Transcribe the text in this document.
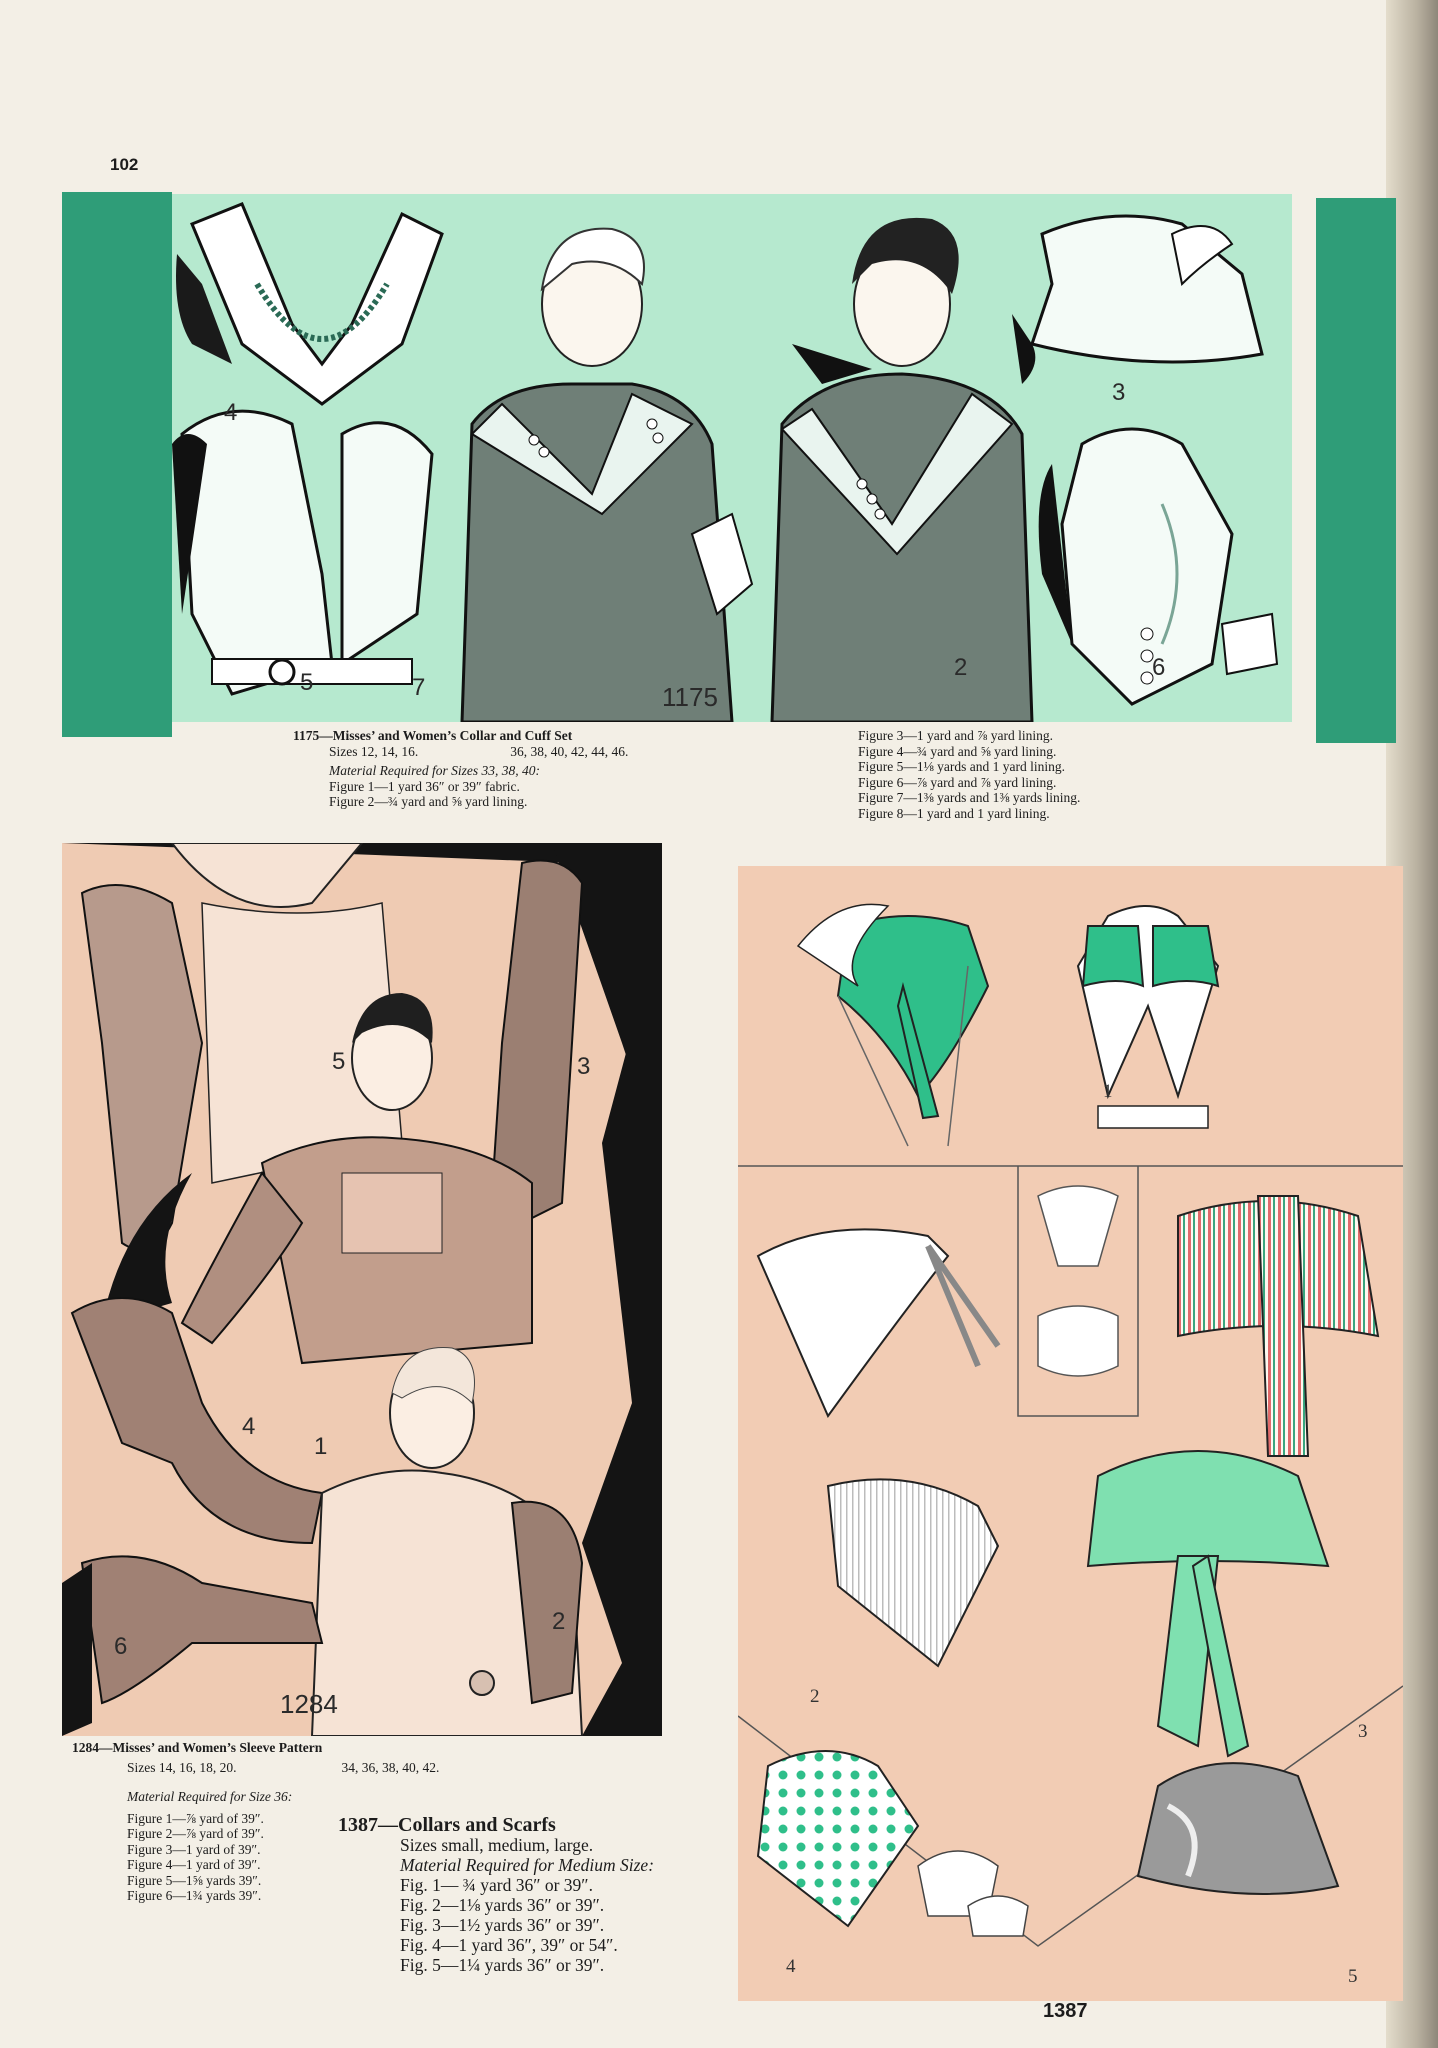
102
4
5	7
2
3
6
1175
1175—Misses’ and Women’s Collar and Cuff Set
Sizes 12, 14, 16.	36, 38, 40, 42, 44, 46.
Material Required for Sizes 33, 38, 40:
Figure 1—1 yard 36″ or 39″ fabric.
Figure 2—¾ yard and ⅝ yard lining.
Figure 3—1 yard and ⅞ yard lining.
Figure 4—¾ yard and ⅝ yard lining.
Figure 5—1⅛ yards and 1 yard lining.
Figure 6—⅞ yard and ⅞ yard lining.
Figure 7—1⅜ yards and 1⅜ yards lining.
Figure 8—1 yard and 1 yard lining.
5	3
1
4
2
6
1284
1284—Misses’ and Women’s Sleeve Pattern
Sizes 14, 16, 18, 20.	34, 36, 38, 40, 42.
Material Required for Size 36:
Figure 1—⅞ yard of 39″.
Figure 2—⅞ yard of 39″.
Figure 3—1 yard of 39″.
Figure 4—1 yard of 39″.
Figure 5—1⅝ yards 39″.
Figure 6—1¾ yards 39″.
1387—Collars and Scarfs
Sizes small, medium, large.
Material Required for Medium Size:
Fig. 1— ¾ yard 36″ or 39″.
Fig. 2—1⅛ yards 36″ or 39″.
Fig. 3—1½ yards 36″ or 39″.
Fig. 4—1 yard 36″, 39″ or 54″.
Fig. 5—1¼ yards 36″ or 39″.
1
2
3
4	5
1387
